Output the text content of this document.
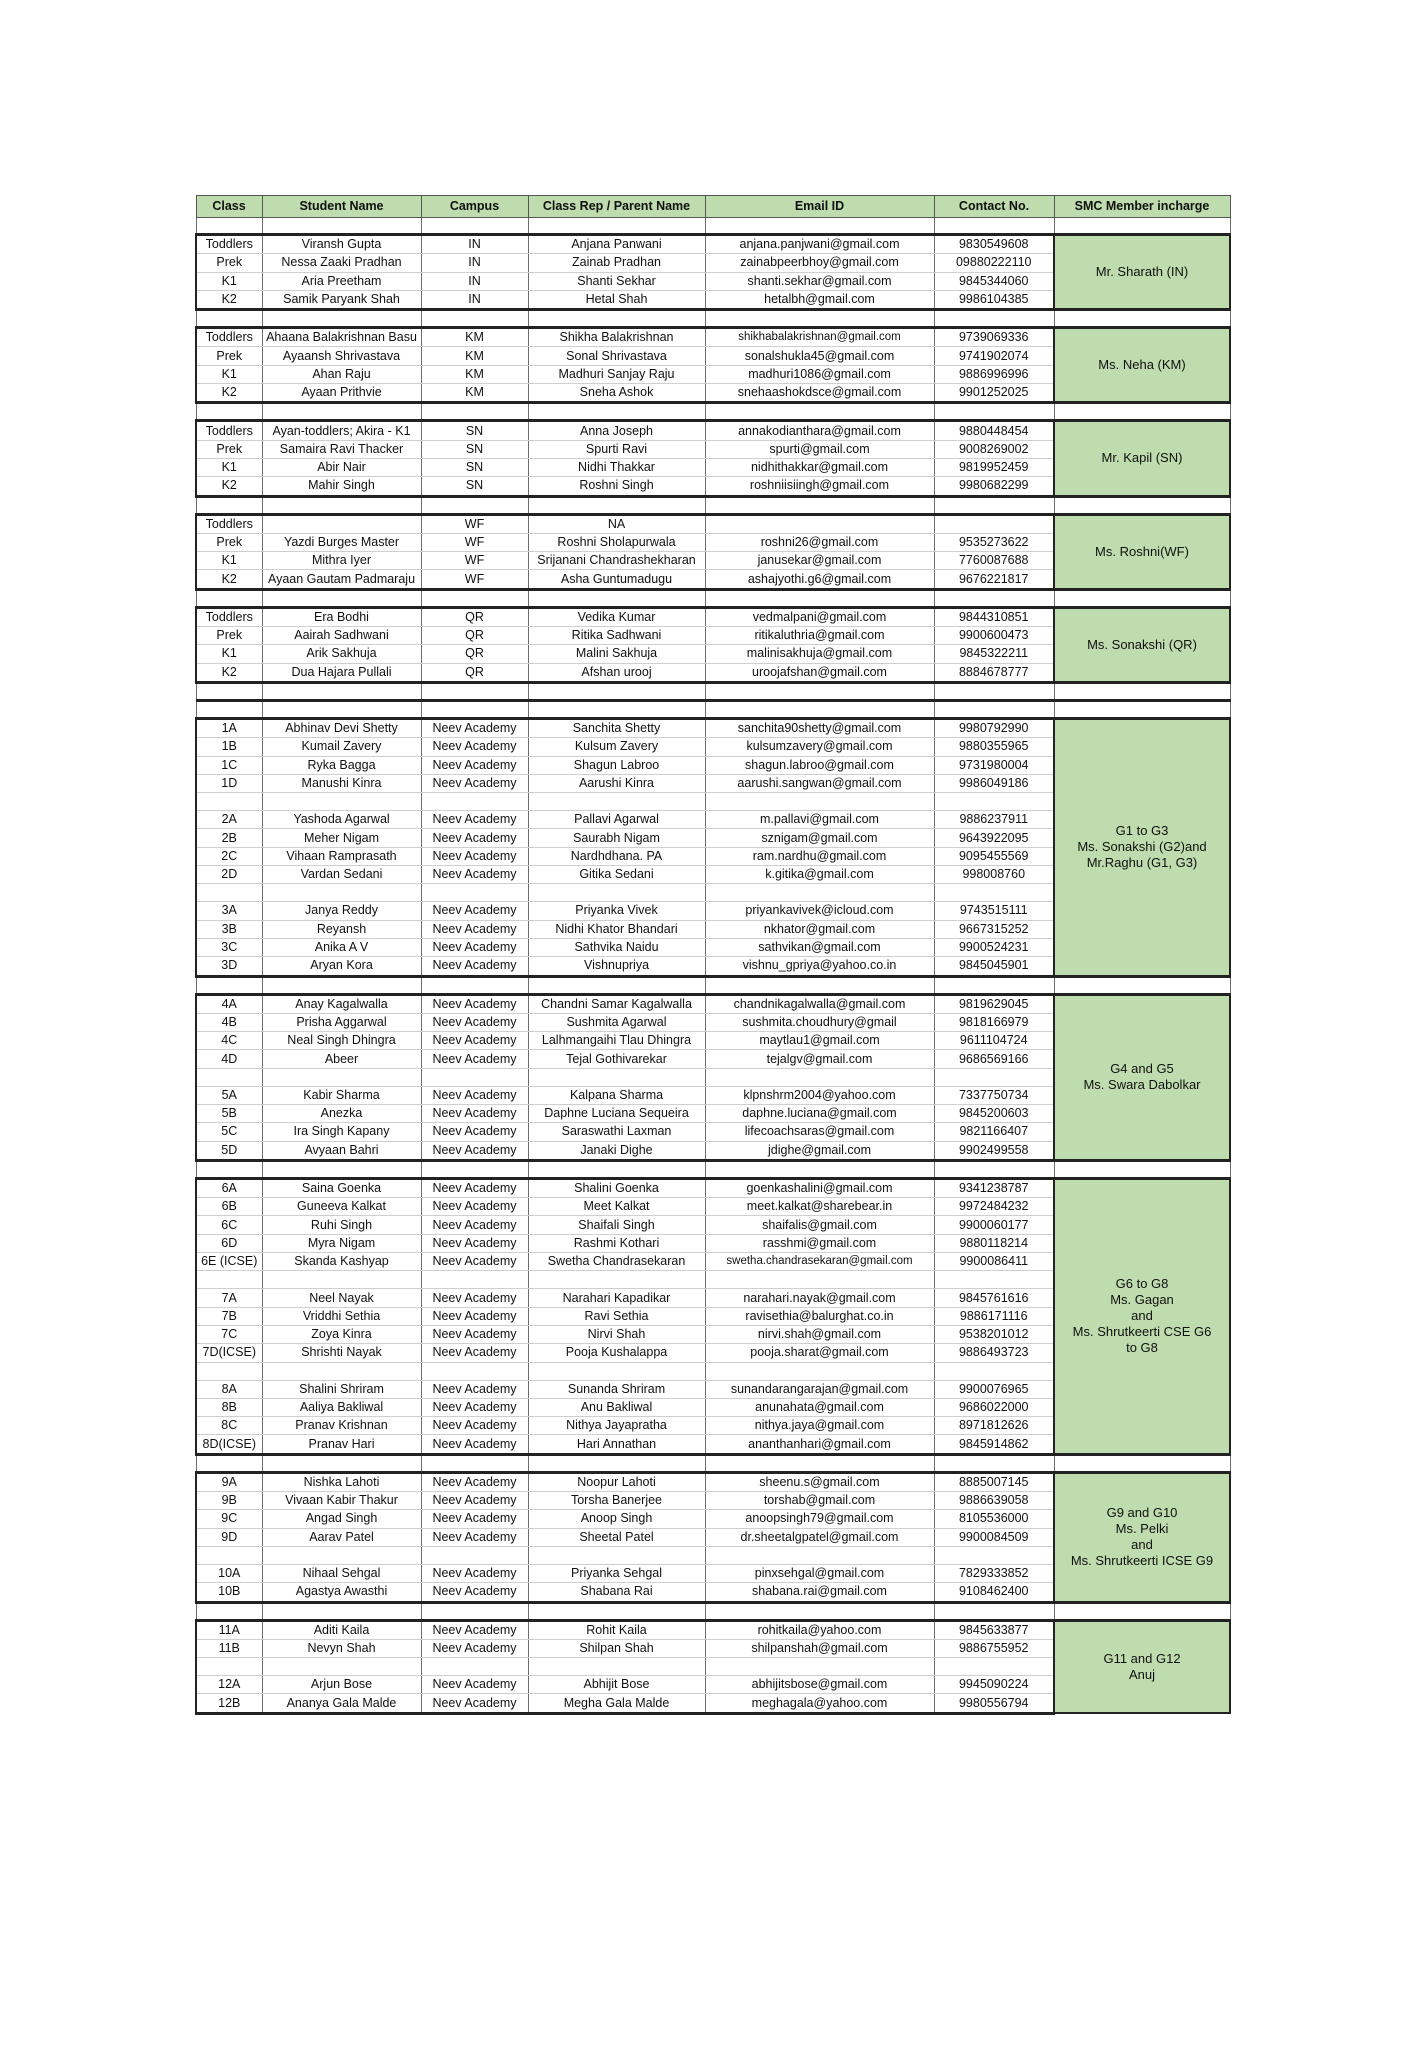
Class	Student Name	Campus	Class Rep / Parent Name	Email ID	Contact No.	SMC Member incharge

Toddlers	Viransh Gupta	IN	Anjana Panwani	anjana.panjwani@gmail.com	9830549608	Mr. Sharath (IN)

Prek	Nessa Zaaki Pradhan	IN	Zainab Pradhan	zainabpeerbhoy@gmail.com	09880222110	
K1	Aria Preetham	IN	Shanti Sekhar	shanti.sekhar@gmail.com	9845344060	
K2	Samik Paryank Shah	IN	Hetal Shah	hetalbh@gmail.com	9986104385	

Toddlers	Ahaana Balakrishnan Basu	KM	Shikha Balakrishnan	shikhabalakrishnan@gmail.com	9739069336	Ms. Neha (KM)

Prek	Ayaansh Shrivastava	KM	Sonal Shrivastava	sonalshukla45@gmail.com	9741902074	
K1	Ahan Raju	KM	Madhuri Sanjay Raju	madhuri1086@gmail.com	9886996996	
K2	Ayaan Prithvie	KM	Sneha Ashok	snehaashokdsce@gmail.com	9901252025	

Toddlers	Ayan-toddlers; Akira - K1	SN	Anna Joseph	annakodianthara@gmail.com	9880448454	Mr. Kapil (SN)

Prek	Samaira Ravi Thacker	SN	Spurti Ravi	spurti@gmail.com	9008269002	
K1	Abir Nair	SN	Nidhi Thakkar	nidhithakkar@gmail.com	9819952459	
K2	Mahir Singh	SN	Roshni Singh	roshniisiingh@gmail.com	9980682299	

Toddlers		WF	NA			Ms. Roshni(WF)

Prek	Yazdi Burges Master	WF	Roshni Sholapurwala	roshni26@gmail.com	9535273622	
K1	Mithra Iyer	WF	Srijanani Chandrashekharan	janusekar@gmail.com	7760087688	
K2	Ayaan Gautam Padmaraju	WF	Asha Guntumadugu	ashajyothi.g6@gmail.com	9676221817	

Toddlers	Era Bodhi	QR	Vedika Kumar	vedmalpani@gmail.com	9844310851	Ms. Sonakshi (QR)

Prek	Aairah Sadhwani	QR	Ritika Sadhwani	ritikaluthria@gmail.com	9900600473	
K1	Arik Sakhuja	QR	Malini Sakhuja	malinisakhuja@gmail.com	9845322211	
K2	Dua Hajara Pullali	QR	Afshan urooj	uroojafshan@gmail.com	8884678777	

1A	Abhinav Devi Shetty	Neev Academy	Sanchita Shetty	sanchita90shetty@gmail.com	9980792990	G1 to G3
Ms. Sonakshi (G2)and
Mr.Raghu (G1, G3)

1B	Kumail Zavery	Neev Academy	Kulsum Zavery	kulsumzavery@gmail.com	9880355965	
1C	Ryka Bagga	Neev Academy	Shagun Labroo	shagun.labroo@gmail.com	9731980004	
1D	Manushi Kinra	Neev Academy	Aarushi Kinra	aarushi.sangwan@gmail.com	9986049186	

2A	Yashoda Agarwal	Neev Academy	Pallavi Agarwal	m.pallavi@gmail.com	9886237911	
2B	Meher Nigam	Neev Academy	Saurabh Nigam	sznigam@gmail.com	9643922095	
2C	Vihaan Ramprasath	Neev Academy	Nardhdhana. PA	ram.nardhu@gmail.com	9095455569	
2D	Vardan Sedani	Neev Academy	Gitika Sedani	k.gitika@gmail.com	998008760	

3A	Janya Reddy	Neev Academy	Priyanka Vivek	priyankavivek@icloud.com	9743515111	
3B	Reyansh	Neev Academy	Nidhi Khator Bhandari	nkhator@gmail.com	9667315252	
3C	Anika A V	Neev Academy	Sathvika Naidu	sathvikan@gmail.com	9900524231	
3D	Aryan Kora	Neev Academy	Vishnupriya	vishnu_gpriya@yahoo.co.in	9845045901	

4A	Anay Kagalwalla	Neev Academy	Chandni Samar Kagalwalla	chandnikagalwalla@gmail.com	9819629045	G4 and G5
Ms. Swara Dabolkar

4B	Prisha Aggarwal	Neev Academy	Sushmita Agarwal	sushmita.choudhury@gmail	9818166979	
4C	Neal Singh Dhingra	Neev Academy	Lalhmangaihi Tlau Dhingra	maytlau1@gmail.com	9611104724	
4D	Abeer	Neev Academy	Tejal Gothivarekar	tejalgv@gmail.com	9686569166	

5A	Kabir Sharma	Neev Academy	Kalpana Sharma	klpnshrm2004@yahoo.com	7337750734	
5B	Anezka	Neev Academy	Daphne Luciana Sequeira	daphne.luciana@gmail.com	9845200603	
5C	Ira Singh Kapany	Neev Academy	Saraswathi Laxman	lifecoachsaras@gmail.com	9821166407	
5D	Avyaan Bahri	Neev Academy	Janaki Dighe	jdighe@gmail.com	9902499558	

6A	Saina Goenka	Neev Academy	Shalini Goenka	goenkashalini@gmail.com	9341238787	G6 to G8
Ms. Gagan
and
Ms. Shrutkeerti CSE G6
to G8

6B	Guneeva Kalkat	Neev Academy	Meet Kalkat	meet.kalkat@sharebear.in	9972484232	
6C	Ruhi Singh	Neev Academy	Shaifali Singh	shaifalis@gmail.com	9900060177	
6D	Myra Nigam	Neev Academy	Rashmi Kothari	rasshmi@gmail.com	9880118214	
6E (ICSE)	Skanda Kashyap	Neev Academy	Swetha Chandrasekaran	swetha.chandrasekaran@gmail.com	9900086411	

7A	Neel Nayak	Neev Academy	Narahari Kapadikar	narahari.nayak@gmail.com	9845761616	
7B	Vriddhi Sethia	Neev Academy	Ravi Sethia	ravisethia@balurghat.co.in	9886171116	
7C	Zoya Kinra	Neev Academy	Nirvi Shah	nirvi.shah@gmail.com	9538201012	
7D(ICSE)	Shrishti Nayak	Neev Academy	Pooja Kushalappa	pooja.sharat@gmail.com	9886493723	

8A	Shalini Shriram	Neev Academy	Sunanda Shriram	sunandarangarajan@gmail.com	9900076965	
8B	Aaliya Bakliwal	Neev Academy	Anu Bakliwal	anunahata@gmail.com	9686022000	
8C	Pranav Krishnan	Neev Academy	Nithya Jayapratha	nithya.jaya@gmail.com	8971812626	
8D(ICSE)	Pranav Hari	Neev Academy	Hari Annathan	ananthanhari@gmail.com	9845914862	

9A	Nishka Lahoti	Neev Academy	Noopur Lahoti	sheenu.s@gmail.com	8885007145	G9 and G10
Ms. Pelki
and
Ms. Shrutkeerti ICSE G9

9B	Vivaan Kabir Thakur	Neev Academy	Torsha Banerjee	torshab@gmail.com	9886639058	
9C	Angad Singh	Neev Academy	Anoop Singh	anoopsingh79@gmail.com	8105536000	
9D	Aarav Patel	Neev Academy	Sheetal Patel	dr.sheetalgpatel@gmail.com	9900084509	

10A	Nihaal Sehgal	Neev Academy	Priyanka Sehgal	pinxsehgal@gmail.com	7829333852	
10B	Agastya Awasthi	Neev Academy	Shabana Rai	shabana.rai@gmail.com	9108462400	

11A	Aditi Kaila	Neev Academy	Rohit Kaila	rohitkaila@yahoo.com	9845633877	G11 and G12
Anuj

11B	Nevyn Shah	Neev Academy	Shilpan Shah	shilpanshah@gmail.com	9886755952	

12A	Arjun Bose	Neev Academy	Abhijit Bose	abhijitsbose@gmail.com	9945090224	
12B	Ananya Gala Malde	Neev Academy	Megha Gala Malde	meghagala@yahoo.com	9980556794	
